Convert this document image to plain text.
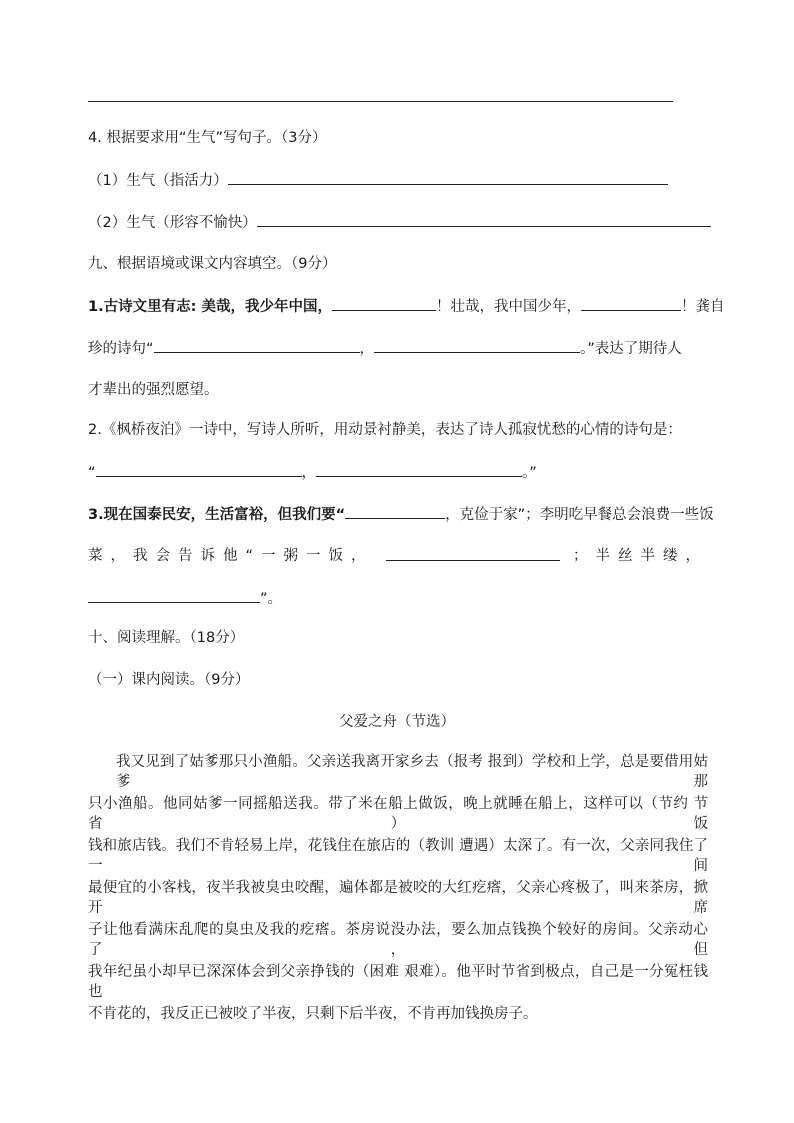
4. 根据要求用“生气”写句子。（3分）
（1）生气（指活力）
（2）生气（形容不愉快）
九、根据语境或课文内容填空。（9分）
1.古诗文里有志: 美哉，我少年中国，	！壮哉，我中国少年，	！龚自
珍的诗句“	，	。”表达了期待人
才辈出的强烈愿望。
2.《枫桥夜泊》一诗中，写诗人所听，用动景衬静美，表达了诗人孤寂忧愁的心情的诗句是：
“	，	。”
3.现在国泰民安，生活富裕，但我们要“	，克俭于家”；李明吃早餐总会浪费一些饭
菜，我会告诉他“一粥一饭，	；半丝半缕，
”。
十、阅读理解。（18分）
（一）课内阅读。（9分）
父爱之舟（节选）
我又见到了姑爹那只小渔船。父亲送我离开家乡去（报考 报到）学校和上学，总是要借用姑爹那
只小渔船。他同姑爹一同摇船送我。带了米在船上做饭，晚上就睡在船上，这样可以（节约 节省）饭
钱和旅店钱。我们不肯轻易上岸，花钱住在旅店的（教训 遭遇）太深了。有一次，父亲同我住了一间
最便宜的小客栈，夜半我被臭虫咬醒，遍体都是被咬的大红疙瘩，父亲心疼极了，叫来茶房，掀开席
子让他看满床乱爬的臭虫及我的疙瘩。茶房说没办法，要么加点钱换个较好的房间。父亲动心了，但
我年纪虽小却早已深深体会到父亲挣钱的（困难 艰难）。他平时节省到极点，自己是一分冤枉钱也
不肯花的，我反正已被咬了半夜，只剩下后半夜，不肯再加钱换房子。
